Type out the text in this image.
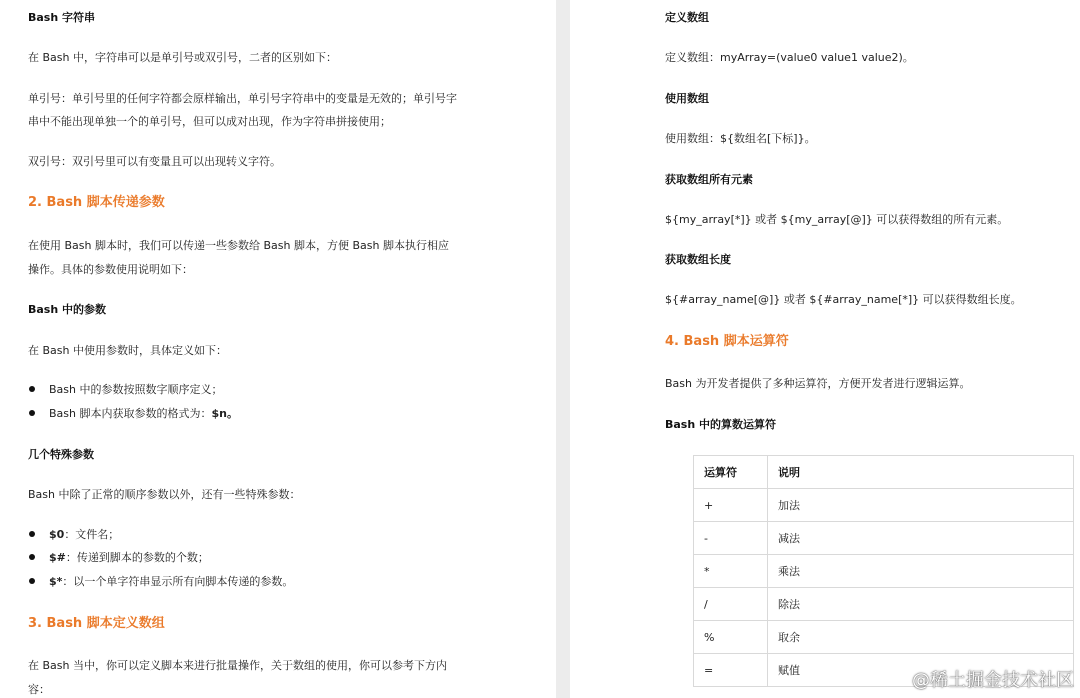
Bash 字符串
在 Bash 中，字符串可以是单引号或双引号，二者的区别如下：
单引号：单引号里的任何字符都会原样输出，单引号字符串中的变量是无效的；单引号字
串中不能出现单独一个的单引号，但可以成对出现，作为字符串拼接使用；
双引号：双引号里可以有变量且可以出现转义字符。
2. Bash 脚本传递参数
在使用 Bash 脚本时，我们可以传递一些参数给 Bash 脚本，方便 Bash 脚本执行相应
操作。具体的参数使用说明如下：
Bash 中的参数
在 Bash 中使用参数时，具体定义如下：
Bash 中的参数按照数字顺序定义；
Bash 脚本内获取参数的格式为：$n。
几个特殊参数
Bash 中除了正常的顺序参数以外，还有一些特殊参数：
$0：文件名；
$#：传递到脚本的参数的个数；
$*：以一个单字符串显示所有向脚本传递的参数。
3. Bash 脚本定义数组
在 Bash 当中，你可以定义脚本来进行批量操作，关于数组的使用，你可以参考下方内
容：
定义数组
定义数组：myArray=(value0 value1 value2)。
使用数组
使用数组：${数组名[下标]}。
获取数组所有元素
${my_array[*]} 或者 ${my_array[@]} 可以获得数组的所有元素。
获取数组长度
${#array_name[@]} 或者 ${#array_name[*]} 可以获得数组长度。
4. Bash 脚本运算符
Bash 为开发者提供了多种运算符，方便开发者进行逻辑运算。
Bash 中的算数运算符
运算符	说明
+	加法
-	减法
*	乘法
/	除法
%	取余
=	赋值	@稀土掘金技术社区
